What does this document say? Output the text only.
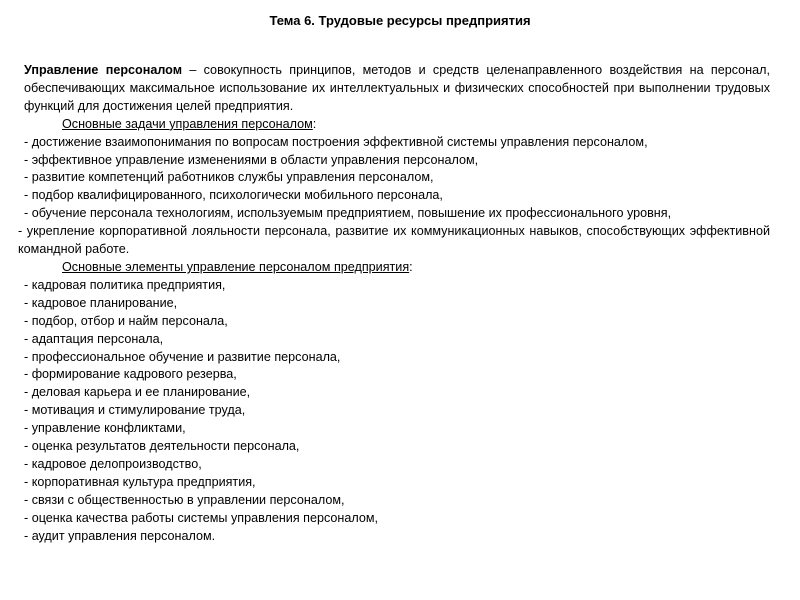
Тема 6. Трудовые ресурсы предприятия

Управление персоналом – совокупность принципов, методов и средств целенаправленного воздействия на персонал, обеспечивающих максимальное использование их интеллектуальных и физических способностей при выполнении трудовых функций для достижения целей предприятия.

Основные задачи управления персоналом:

- достижение взаимопонимания по вопросам построения эффективной системы управления персоналом,

- эффективное управление изменениями в области управления персоналом,

- развитие компетенций работников службы управления персоналом,

- подбор квалифицированного, психологически мобильного персонала,

- обучение персонала технологиям, используемым предприятием, повышение их профессионального уровня,

- укрепление корпоративной лояльности персонала, развитие их коммуникационных навыков, способствующих эффективной командной работе.

Основные элементы управление персоналом предприятия:

- кадровая политика предприятия,

- кадровое планирование,

- подбор, отбор и найм персонала,

- адаптация персонала,

- профессиональное обучение и развитие персонала,

- формирование кадрового резерва,

- деловая карьера и ее планирование,

- мотивация и стимулирование труда,

- управление конфликтами,

- оценка результатов деятельности персонала,

- кадровое делопроизводство,

- корпоративная культура предприятия,

- связи с общественностью в управлении персоналом,

- оценка качества работы системы управления персоналом,

- аудит управления персоналом.
